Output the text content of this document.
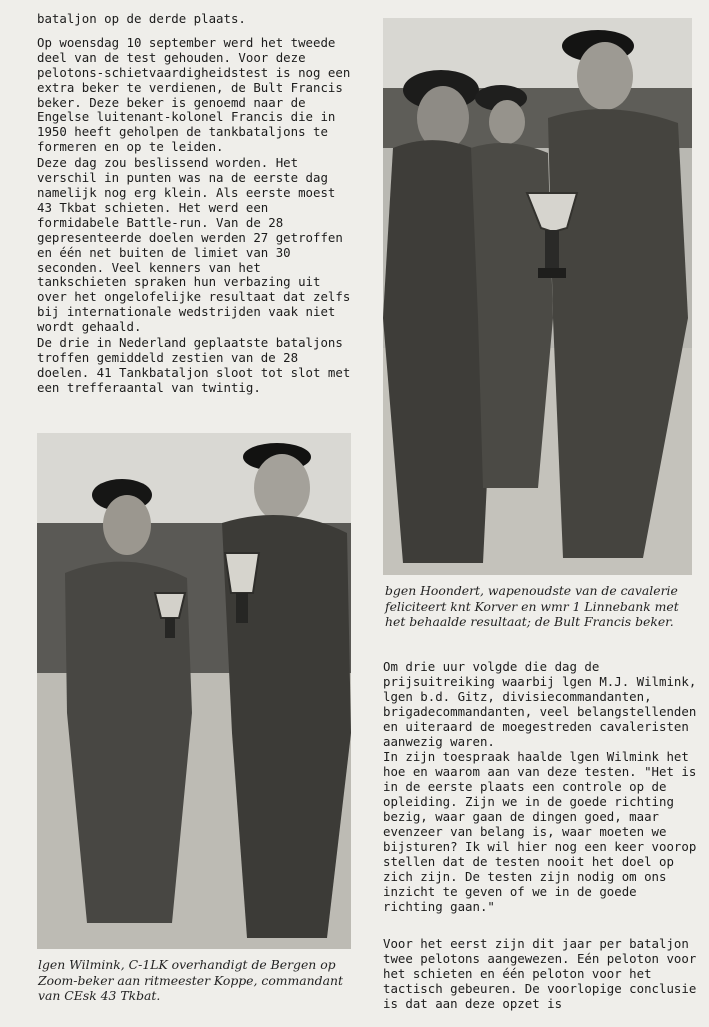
bataljon op de derde plaats.

Op woensdag 10 september werd het tweede deel van de test gehouden. Voor deze pelotons-schietvaardigheidstest is nog een extra beker te verdienen, de Bult Francis beker. Deze beker is genoemd naar de Engelse luitenant-kolonel Francis die in 1950 heeft geholpen de tankbataljons te formeren en op te leiden.

Deze dag zou beslissend worden. Het verschil in punten was na de eerste dag namelijk nog erg klein. Als eerste moest 43 Tkbat schieten. Het werd een formidabele Battle-run. Van de 28 gepresenteerde doelen werden 27 getroffen en één net buiten de limiet van 30 seconden. Veel kenners van het tankschieten spraken hun verbazing uit over het ongelofelijke resultaat dat zelfs bij internationale wedstrijden vaak niet wordt gehaald.

De drie in Nederland geplaatste bataljons troffen gemiddeld zestien van de 28 doelen. 41 Tankbataljon sloot tot slot met een trefferaantal van twintig.

bgen Hoondert, wapenoudste van de cavalerie feliciteert knt Korver en wmr 1 Linnebank met het behaalde resultaat; de Bult Francis beker.
lgen Wilmink, C-1LK overhandigt de Bergen op Zoom-beker aan ritmeester Koppe, commandant van CEsk 43 Tkbat.

Om drie uur volgde die dag de prijsuitreiking waarbij lgen M.J. Wilmink, lgen b.d. Gitz, divisiecommandanten, brigadecommandanten, veel belangstellenden en uiteraard de moegestreden cavaleristen aanwezig waren.

In zijn toespraak haalde lgen Wilmink het hoe en waarom aan van deze testen. "Het is in de eerste plaats een controle op de opleiding. Zijn we in de goede richting bezig, waar gaan de dingen goed, maar evenzeer van belang is, waar moeten we bijsturen? Ik wil hier nog een keer voorop stellen dat de testen nooit het doel op zich zijn. De testen zijn nodig om ons inzicht te geven of we in de goede richting gaan."

Voor het eerst zijn dit jaar per bataljon twee pelotons aangewezen. Eén peloton voor het schieten en één peloton voor het tactisch gebeuren. De voorlopige conclusie is dat aan deze opzet is
